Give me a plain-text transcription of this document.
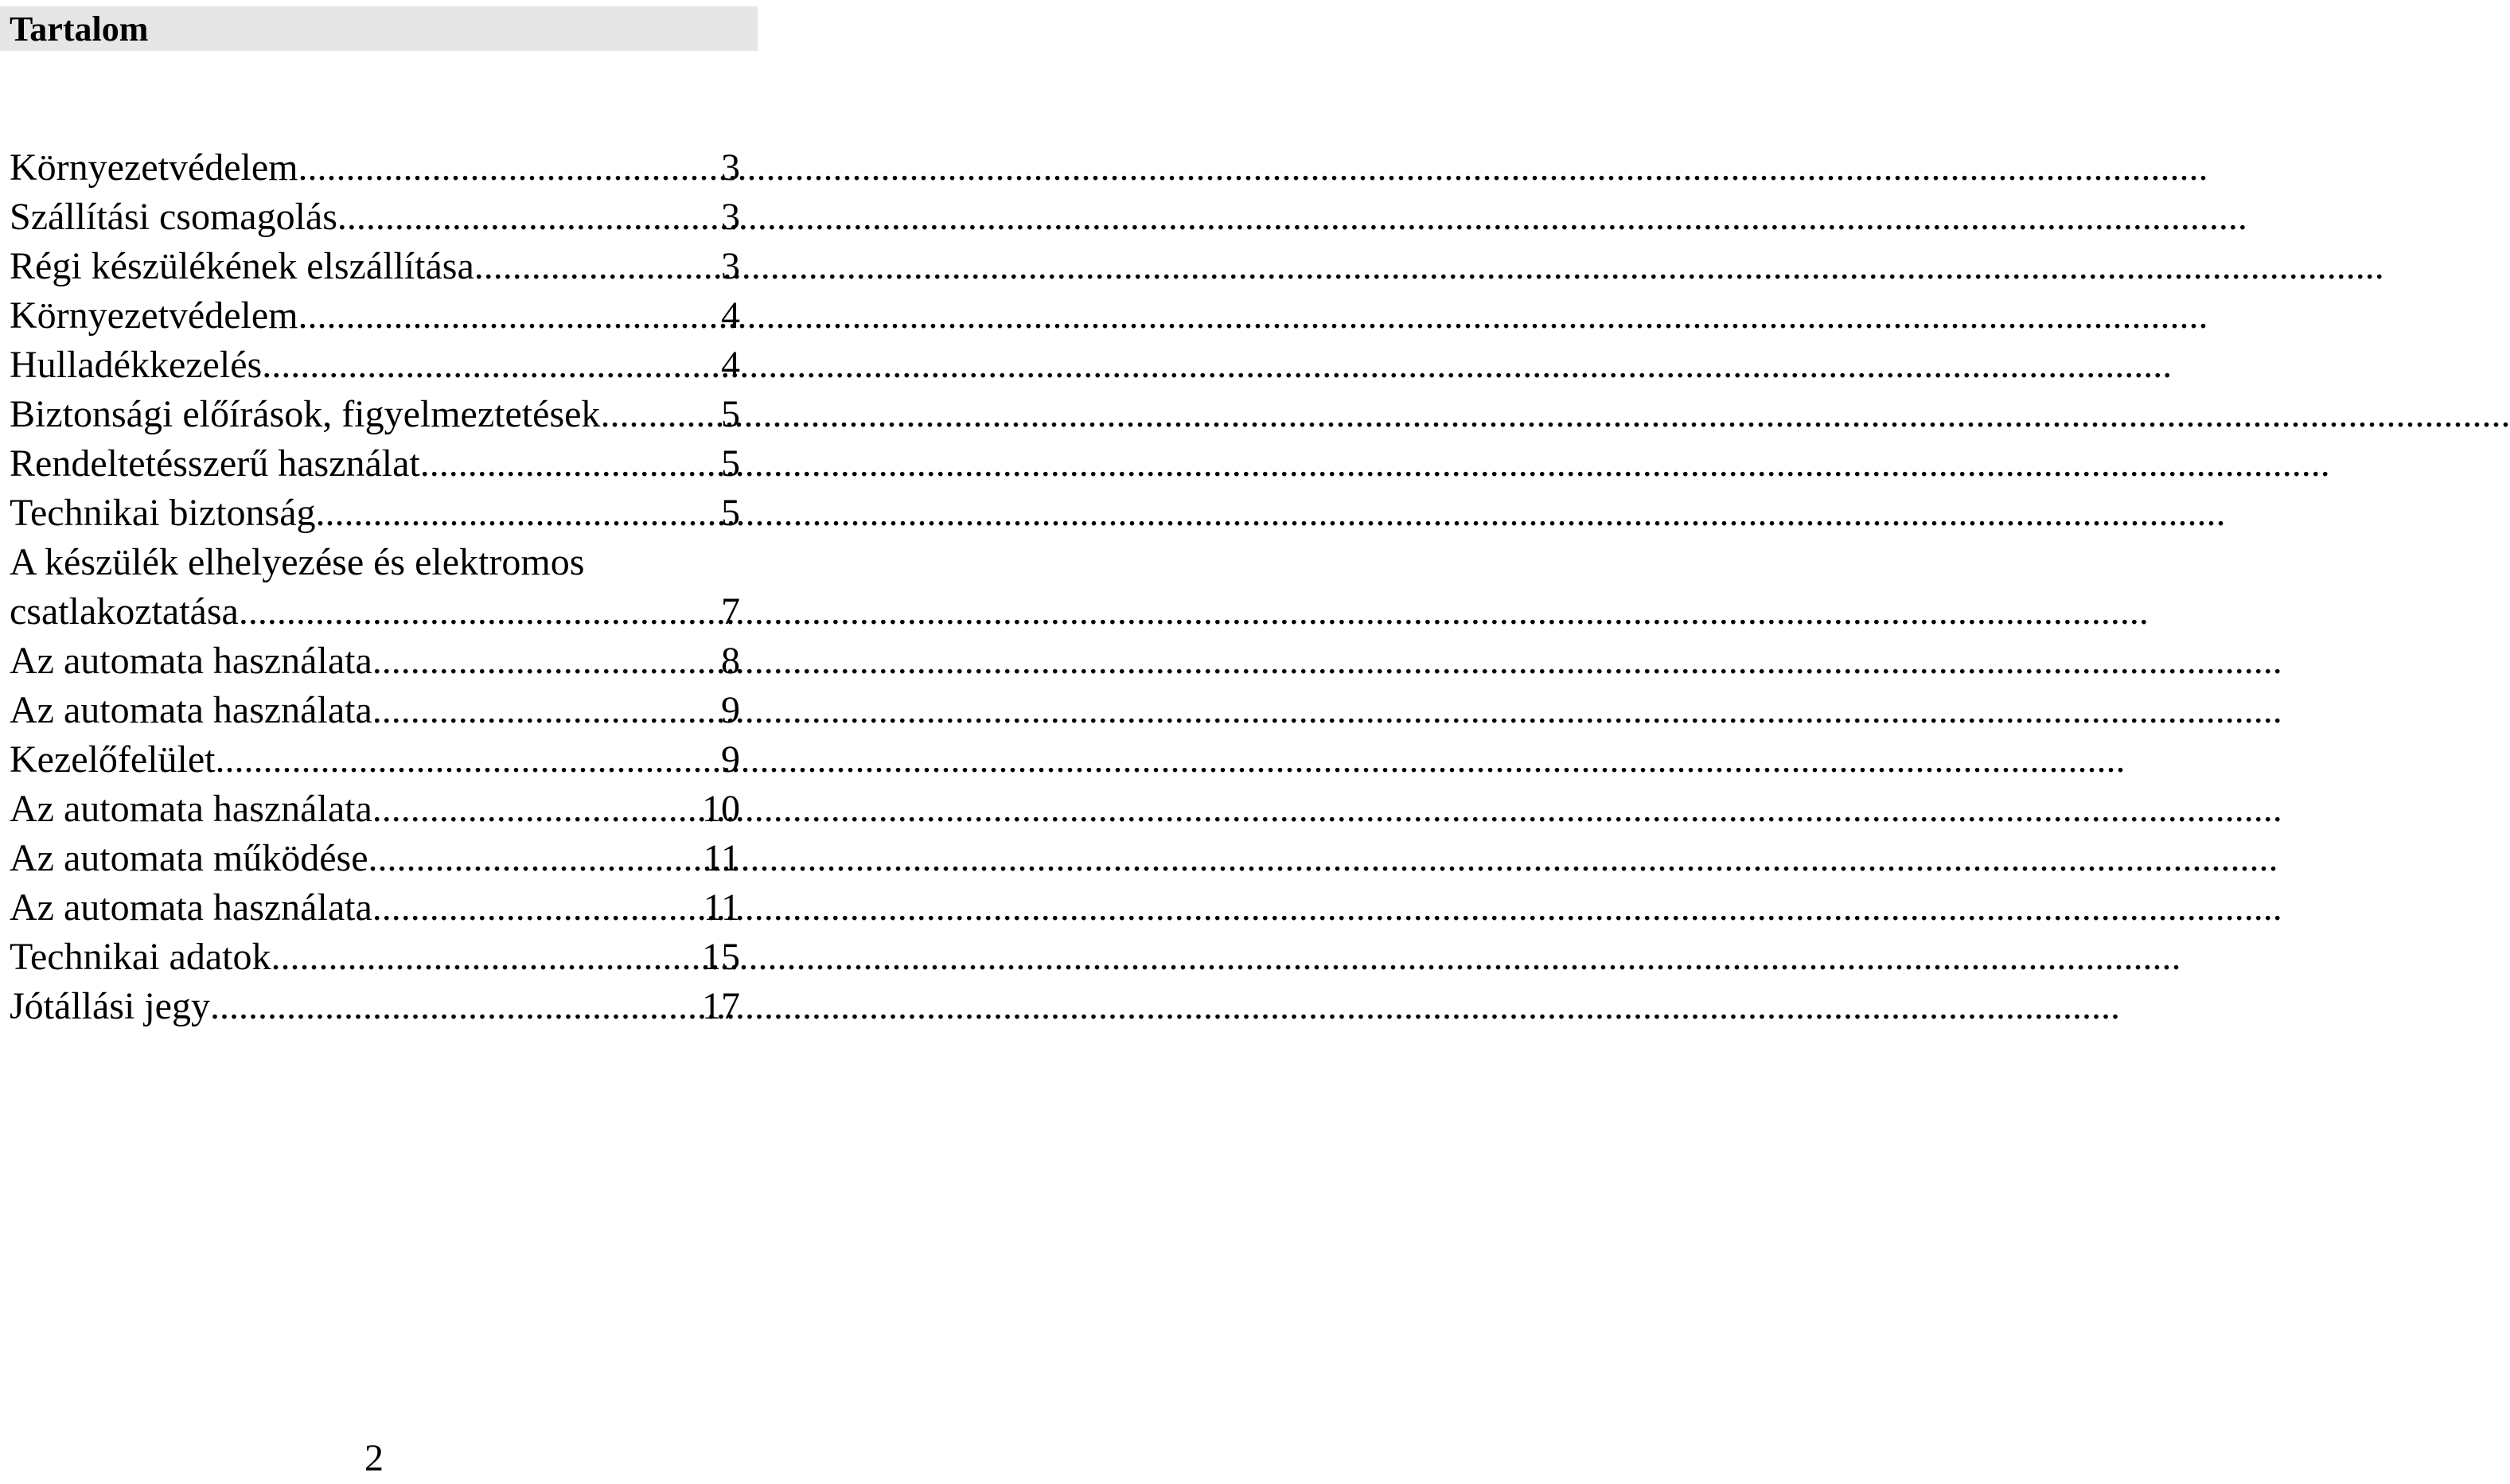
Tartalom
Környezetvédelem .....	3
Szállítási csomagolás .....	3
Régi készülékének elszállítása .....	3
Környezetvédelem .....	4
Hulladékkezelés .....	4
Biztonsági előírások, figyelmeztetések .....	5
Rendeltetésszerű használat .....	5
Technikai biztonság .....	5
A készülék elhelyezése és elektromos
csatlakoztatása .....	7
Az automata használata .....	8
Az automata használata .....	9
Kezelőfelület .....	9
Az automata használata .....	10
Az automata működése .....	11
Az automata használata .....	11
Technikai adatok .....	15
Jótállási jegy .....	17
2
